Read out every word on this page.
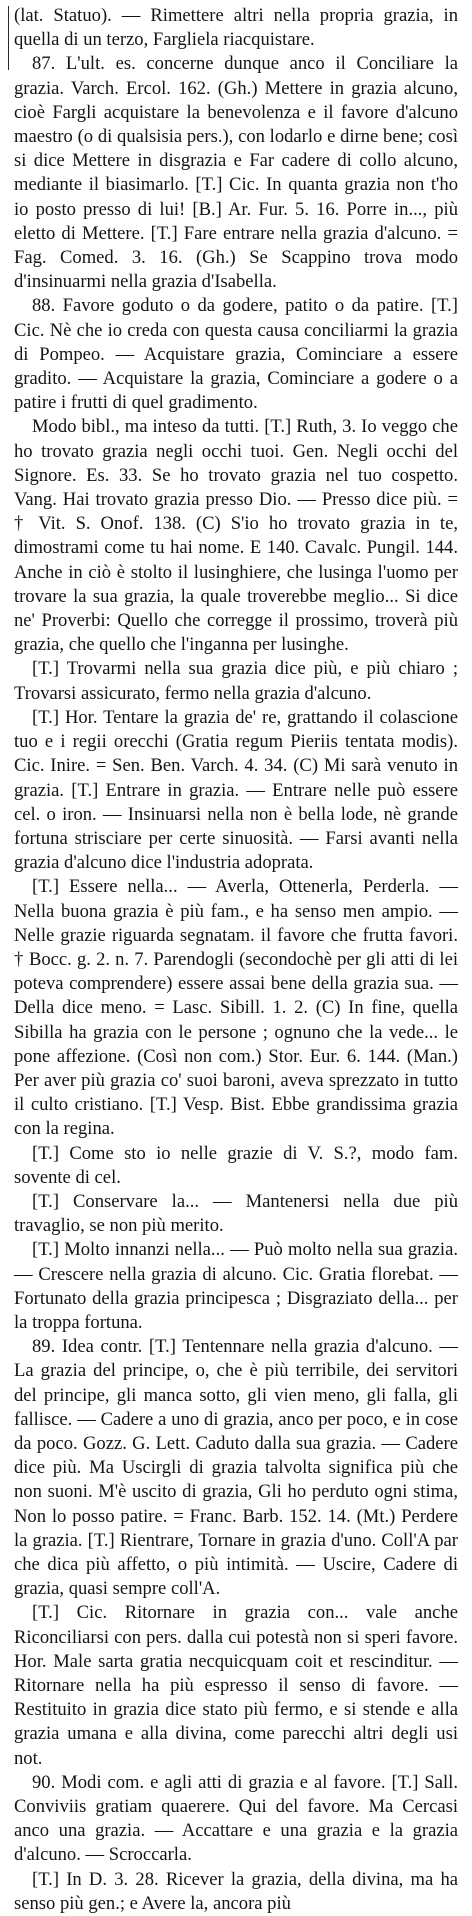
(lat. Statuo). — Rimettere altri nella propria grazia, in quella di un terzo, Fargliela riacquistare.

87. L'ult. es. concerne dunque anco il Conciliare la grazia. Varch. Ercol. 162. (Gh.) Mettere in grazia alcuno, cioè Fargli acquistare la benevolenza e il favore d'alcuno maestro (o di qualsisia pers.), con lodarlo e dirne bene; così si dice Mettere in disgrazia e Far cadere di collo alcuno, mediante il biasimarlo. [T.] Cic. In quanta grazia non t'ho io posto presso di lui! [B.] Ar. Fur. 5. 16. Porre in..., più eletto di Mettere. [T.] Fare entrare nella grazia d'alcuno. = Fag. Comed. 3. 16. (Gh.) Se Scappino trova modo d'insinuarmi nella grazia d'Isabella.

88. Favore goduto o da godere, patito o da patire. [T.] Cic. Nè che io creda con questa causa conciliarmi la grazia di Pompeo. — Acquistare grazia, Cominciare a essere gradito. — Acquistare la grazia, Cominciare a godere o a patire i frutti di quel gradimento.

Modo bibl., ma inteso da tutti. [T.] Ruth, 3. Io veggo che ho trovato grazia negli occhi tuoi. Gen. Negli occhi del Signore. Es. 33. Se ho trovato grazia nel tuo cospetto. Vang. Hai trovato grazia presso Dio. — Presso dice più. = † Vit. S. Onof. 138. (C) S'io ho trovato grazia in te, dimostrami come tu hai nome. E 140. Cavalc. Pungil. 144. Anche in ciò è stolto il lusinghiere, che lusinga l'uomo per trovare la sua grazia, la quale troverebbe meglio... Si dice ne' Proverbi: Quello che corregge il prossimo, troverà più grazia, che quello che l'inganna per lusinghe.

[T.] Trovarmi nella sua grazia dice più, e più chiaro ; Trovarsi assicurato, fermo nella grazia d'alcuno.

[T.] Hor. Tentare la grazia de' re, grattando il colascione tuo e i regii orecchi (Gratia regum Pieriis tentata modis). Cic. Inire. = Sen. Ben. Varch. 4. 34. (C) Mi sarà venuto in grazia. [T.] Entrare in grazia. — Entrare nelle può essere cel. o iron. — Insinuarsi nella non è bella lode, nè grande fortuna strisciare per certe sinuosità. — Farsi avanti nella grazia d'alcuno dice l'industria adoprata.

[T.] Essere nella... — Averla, Ottenerla, Perderla. — Nella buona grazia è più fam., e ha senso men ampio. — Nelle grazie riguarda segnatam. il favore che frutta favori. † Bocc. g. 2. n. 7. Parendogli (secondochè per gli atti di lei poteva comprendere) essere assai bene della grazia sua. — Della dice meno. = Lasc. Sibill. 1. 2. (C) In fine, quella Sibilla ha grazia con le persone ; ognuno che la vede... le pone affezione. (Così non com.) Stor. Eur. 6. 144. (Man.) Per aver più grazia co' suoi baroni, aveva sprezzato in tutto il culto cristiano. [T.] Vesp. Bist. Ebbe grandissima grazia con la regina.

[T.] Come sto io nelle grazie di V. S.?, modo fam. sovente di cel.

[T.] Conservare la... — Mantenersi nella due più travaglio, se non più merito.

[T.] Molto innanzi nella... — Può molto nella sua grazia. — Crescere nella grazia di alcuno. Cic. Gratia florebat. — Fortunato della grazia principesca ; Disgraziato della... per la troppa fortuna.

89. Idea contr. [T.] Tentennare nella grazia d'alcuno. — La grazia del principe, o, che è più terribile, dei servitori del principe, gli manca sotto, gli vien meno, gli falla, gli fallisce. — Cadere a uno di grazia, anco per poco, e in cose da poco. Gozz. G. Lett. Caduto dalla sua grazia. — Cadere dice più. Ma Uscirgli di grazia talvolta significa più che non suoni. M'è uscito di grazia, Gli ho perduto ogni stima, Non lo posso patire. = Franc. Barb. 152. 14. (Mt.) Perdere la grazia. [T.] Rientrare, Tornare in grazia d'uno. Coll'A par che dica più affetto, o più intimità. — Uscire, Cadere di grazia, quasi sempre coll'A.

[T.] Cic. Ritornare in grazia con... vale anche Riconciliarsi con pers. dalla cui potestà non si speri favore. Hor. Male sarta gratia necquicquam coit et rescinditur. — Ritornare nella ha più espresso il senso di favore. — Restituito in grazia dice stato più fermo, e si stende e alla grazia umana e alla divina, come parecchi altri degli usi not.

90. Modi com. e agli atti di grazia e al favore. [T.] Sall. Conviviis gratiam quaerere. Qui del favore. Ma Cercasi anco una grazia. — Accattare e una grazia e la grazia d'alcuno. — Scroccarla.

[T.] In D. 3. 28. Ricever la grazia, della divina, ma ha senso più gen.; e Avere la, ancora più
